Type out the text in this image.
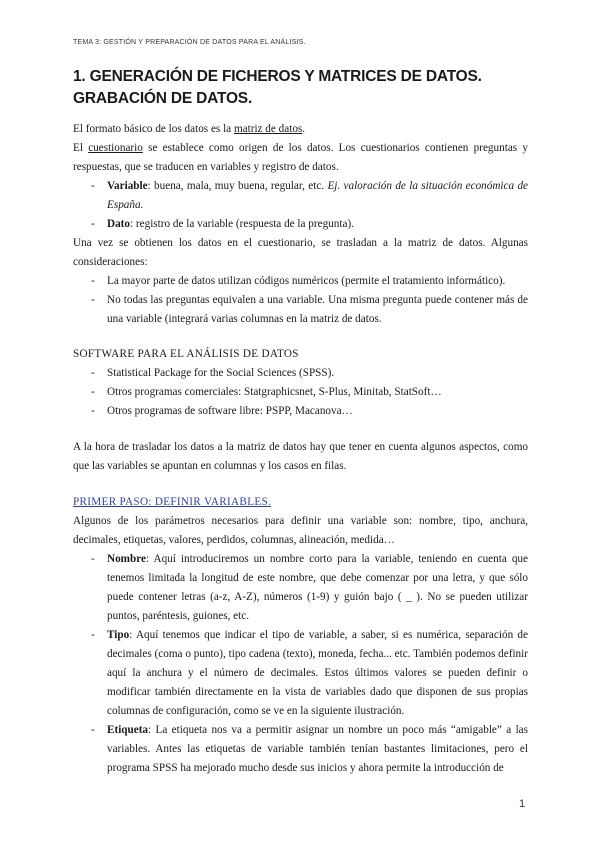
TEMA 3: GESTIÓN Y PREPARACIÓN DE DATOS PARA EL ANÁLISIS.
1. GENERACIÓN DE FICHEROS Y MATRICES DE DATOS. GRABACIÓN DE DATOS.

El formato básico de los datos es la matriz de datos.

El cuestionario se establece como origen de los datos. Los cuestionarios contienen preguntas y respuestas, que se traducen en variables y registro de datos.

- Variable: buena, mala, muy buena, regular, etc. Ej. valoración de la situación económica de España.
- Dato: registro de la variable (respuesta de la pregunta).

Una vez se obtienen los datos en el cuestionario, se trasladan a la matriz de datos. Algunas consideraciones:

- La mayor parte de datos utilizan códigos numéricos (permite el tratamiento informático).
- No todas las preguntas equivalen a una variable. Una misma pregunta puede contener más de una variable (integrará varias columnas en la matriz de datos.
SOFTWARE PARA EL ANÁLISIS DE DATOS
- Statistical Package for the Social Sciences (SPSS).
- Otros programas comerciales: Statgraphicsnet, S-Plus, Minitab, StatSoft…
- Otros programas de software libre: PSPP, Macanova…

A la hora de trasladar los datos a la matriz de datos hay que tener en cuenta algunos aspectos, como que las variables se apuntan en columnas y los casos en filas.

PRIMER PASO: DEFINIR VARIABLES.

Algunos de los parámetros necesarios para definir una variable son: nombre, tipo, anchura, decimales, etiquetas, valores, perdidos, columnas, alineación, medida…

- Nombre: Aquí introduciremos un nombre corto para la variable, teniendo en cuenta que tenemos limitada la longitud de este nombre, que debe comenzar por una letra, y que sólo puede contener letras (a-z, A-Z), números (1-9) y guión bajo ( _ ). No se pueden utilizar puntos, paréntesis, guiones, etc.
- Tipo: Aquí tenemos que indicar el tipo de variable, a saber, si es numérica, separación de decimales (coma o punto), tipo cadena (texto), moneda, fecha... etc. También podemos definir aquí la anchura y el número de decimales. Estos últimos valores se pueden definir o modificar también directamente en la vista de variables dado que disponen de sus propias columnas de configuración, como se ve en la siguiente ilustración.
- Etiqueta: La etiqueta nos va a permitir asignar un nombre un poco más “amigable” a las variables. Antes las etiquetas de variable también tenían bastantes limitaciones, pero el programa SPSS ha mejorado mucho desde sus inicios y ahora permite la introducción de
1
